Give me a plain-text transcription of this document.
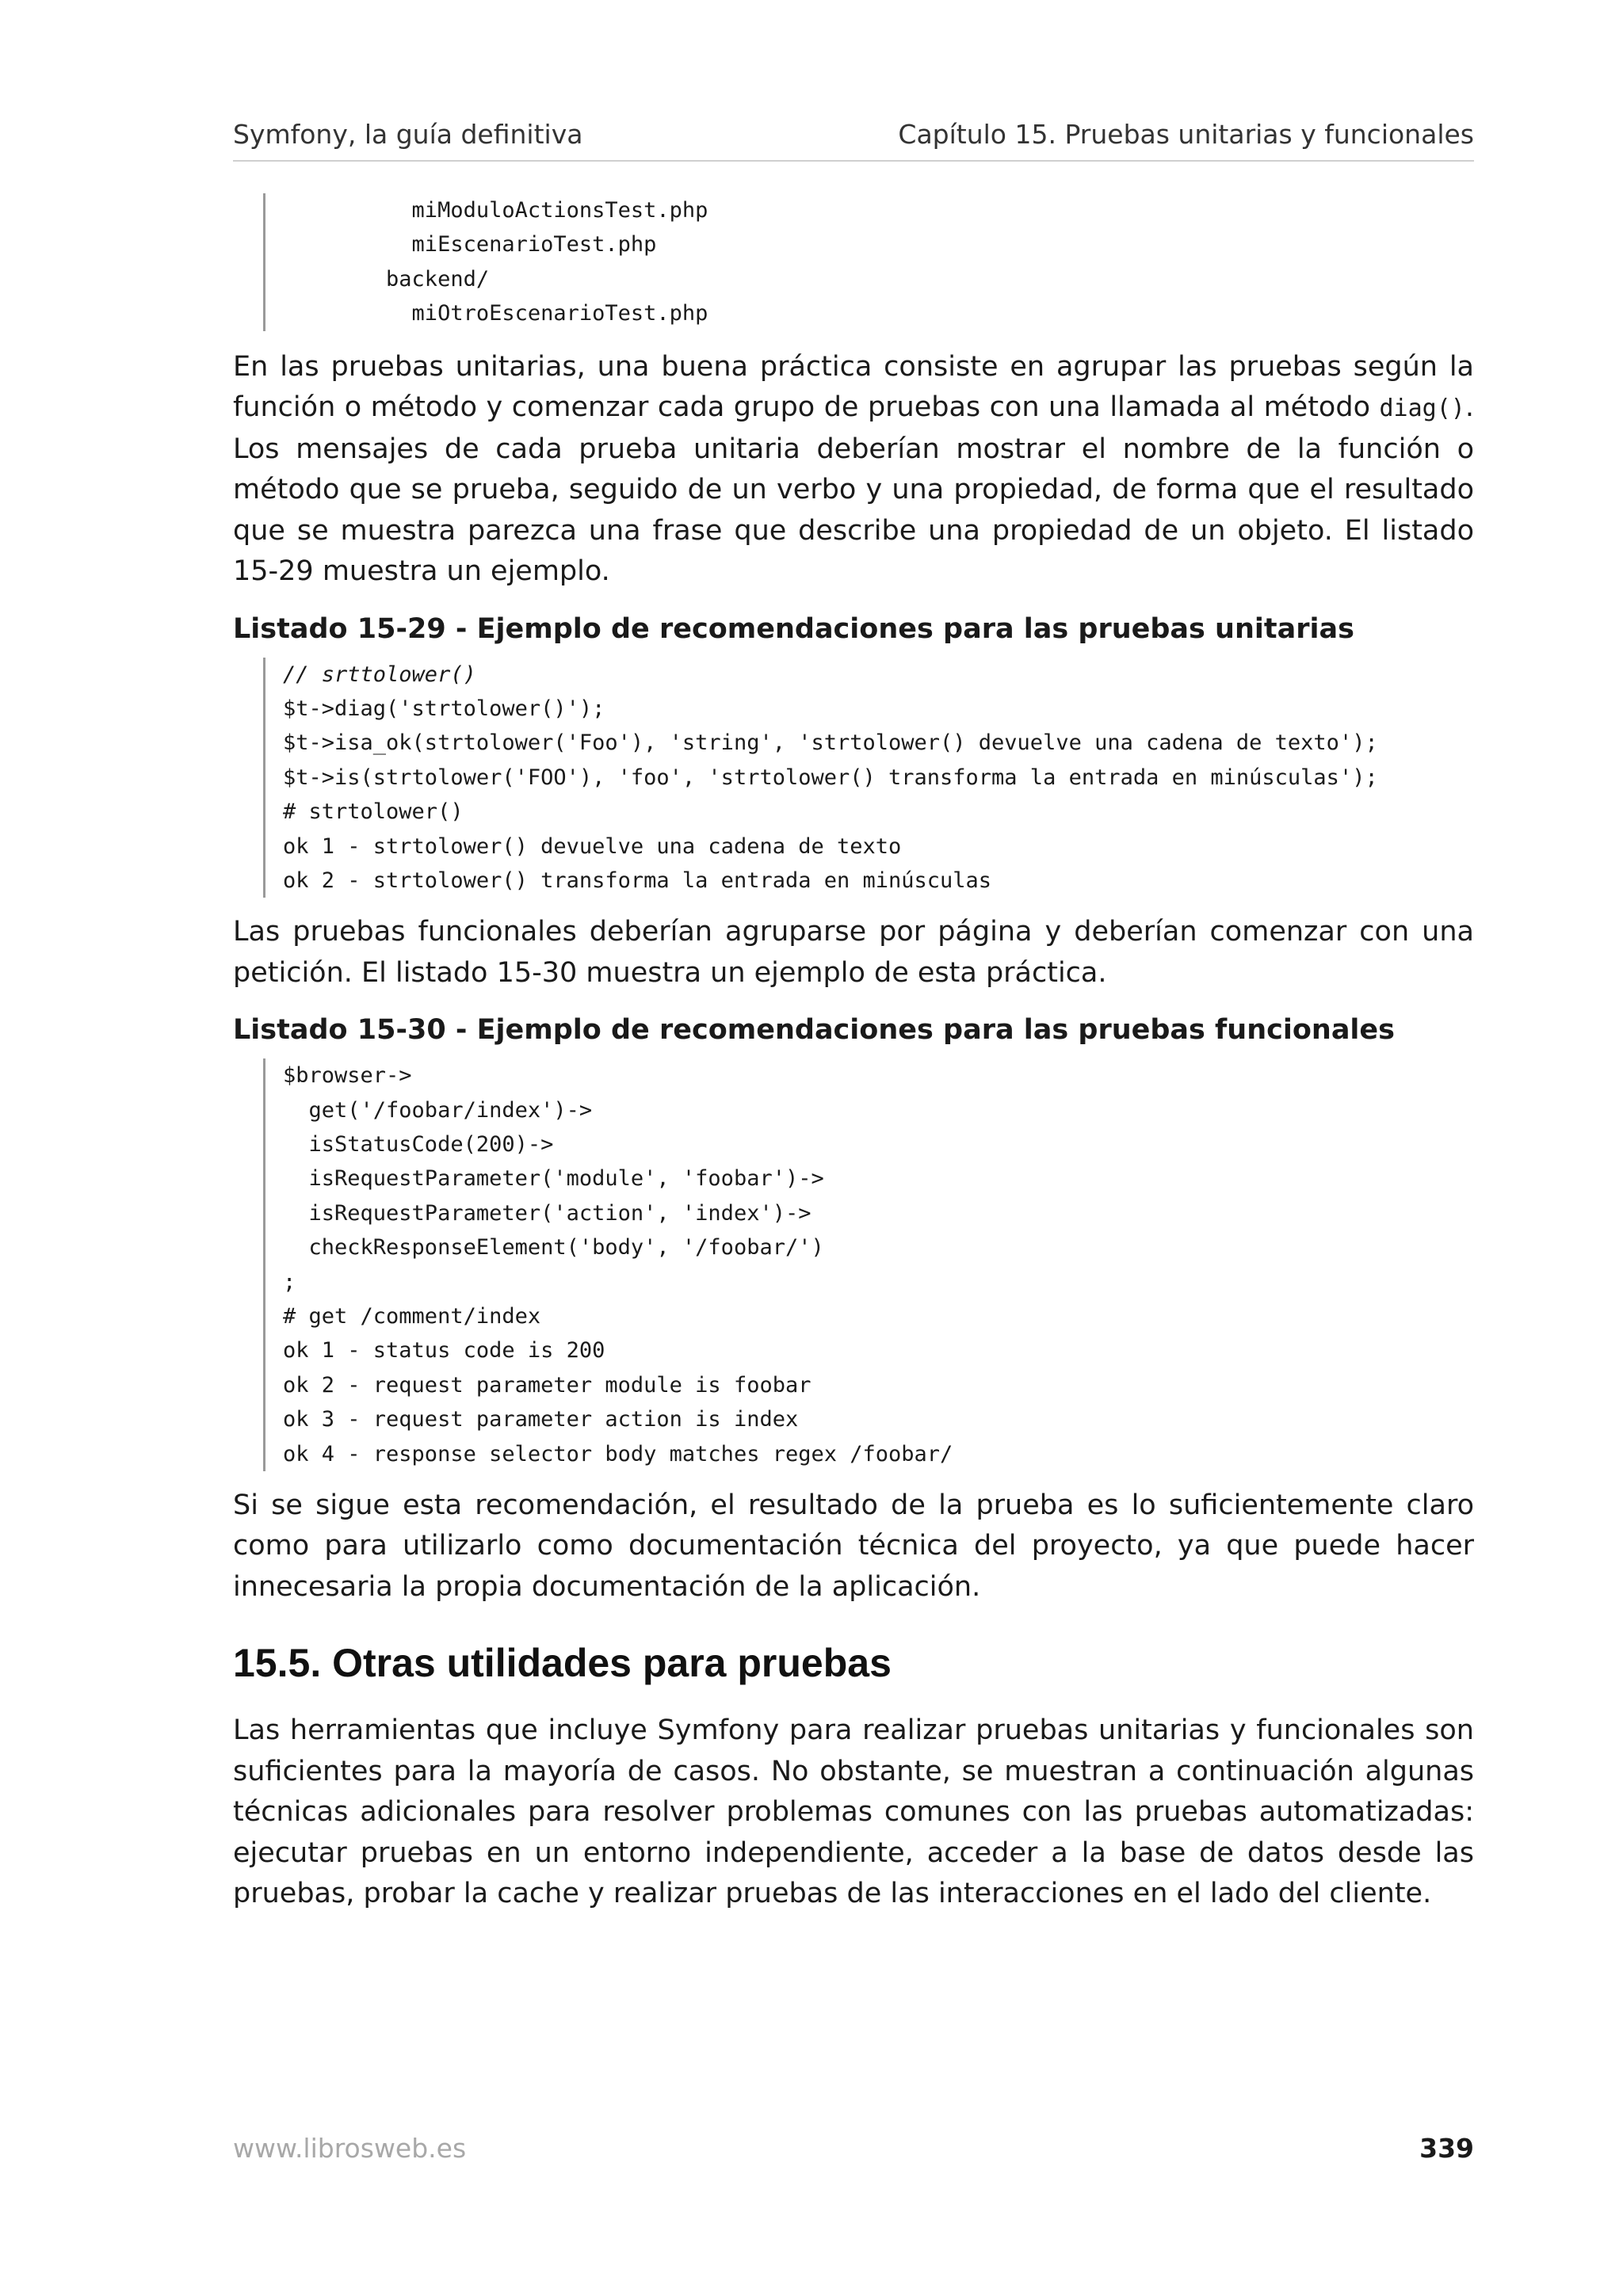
Symfony, la guía definitiva	Capítulo 15. Pruebas unitarias y funcionales
miModuloActionsTest.php
miEscenarioTest.php
backend/
miOtroEscenarioTest.php

En las pruebas unitarias, una buena práctica consiste en agrupar las pruebas según la función o método y comenzar cada grupo de pruebas con una llamada al método diag(). Los mensajes de cada prueba unitaria deberían mostrar el nombre de la función o método que se prueba, seguido de un verbo y una propiedad, de forma que el resultado que se muestra parezca una frase que describe una propiedad de un objeto. El listado 15-29 muestra un ejemplo.

Listado 15-29 - Ejemplo de recomendaciones para las pruebas unitarias
// srttolower()
$t->diag('strtolower()');
$t->isa_ok(strtolower('Foo'), 'string', 'strtolower() devuelve una cadena de texto');
$t->is(strtolower('FOO'), 'foo', 'strtolower() transforma la entrada en minúsculas');
# strtolower()
ok 1 - strtolower() devuelve una cadena de texto
ok 2 - strtolower() transforma la entrada en minúsculas

Las pruebas funcionales deberían agruparse por página y deberían comenzar con una petición. El listado 15-30 muestra un ejemplo de esta práctica.

Listado 15-30 - Ejemplo de recomendaciones para las pruebas funcionales
$browser->
get('/foobar/index')->
isStatusCode(200)->
isRequestParameter('module', 'foobar')->
isRequestParameter('action', 'index')->
checkResponseElement('body', '/foobar/')
;
# get /comment/index
ok 1 - status code is 200
ok 2 - request parameter module is foobar
ok 3 - request parameter action is index
ok 4 - response selector body matches regex /foobar/

Si se sigue esta recomendación, el resultado de la prueba es lo suficientemente claro como para utilizarlo como documentación técnica del proyecto, ya que puede hacer innecesaria la propia documentación de la aplicación.

15.5. Otras utilidades para pruebas

Las herramientas que incluye Symfony para realizar pruebas unitarias y funcionales son suficientes para la mayoría de casos. No obstante, se muestran a continuación algunas técnicas adicionales para resolver problemas comunes con las pruebas automatizadas: ejecutar pruebas en un entorno independiente, acceder a la base de datos desde las pruebas, probar la cache y realizar pruebas de las interacciones en el lado del cliente.

www.librosweb.es	339
